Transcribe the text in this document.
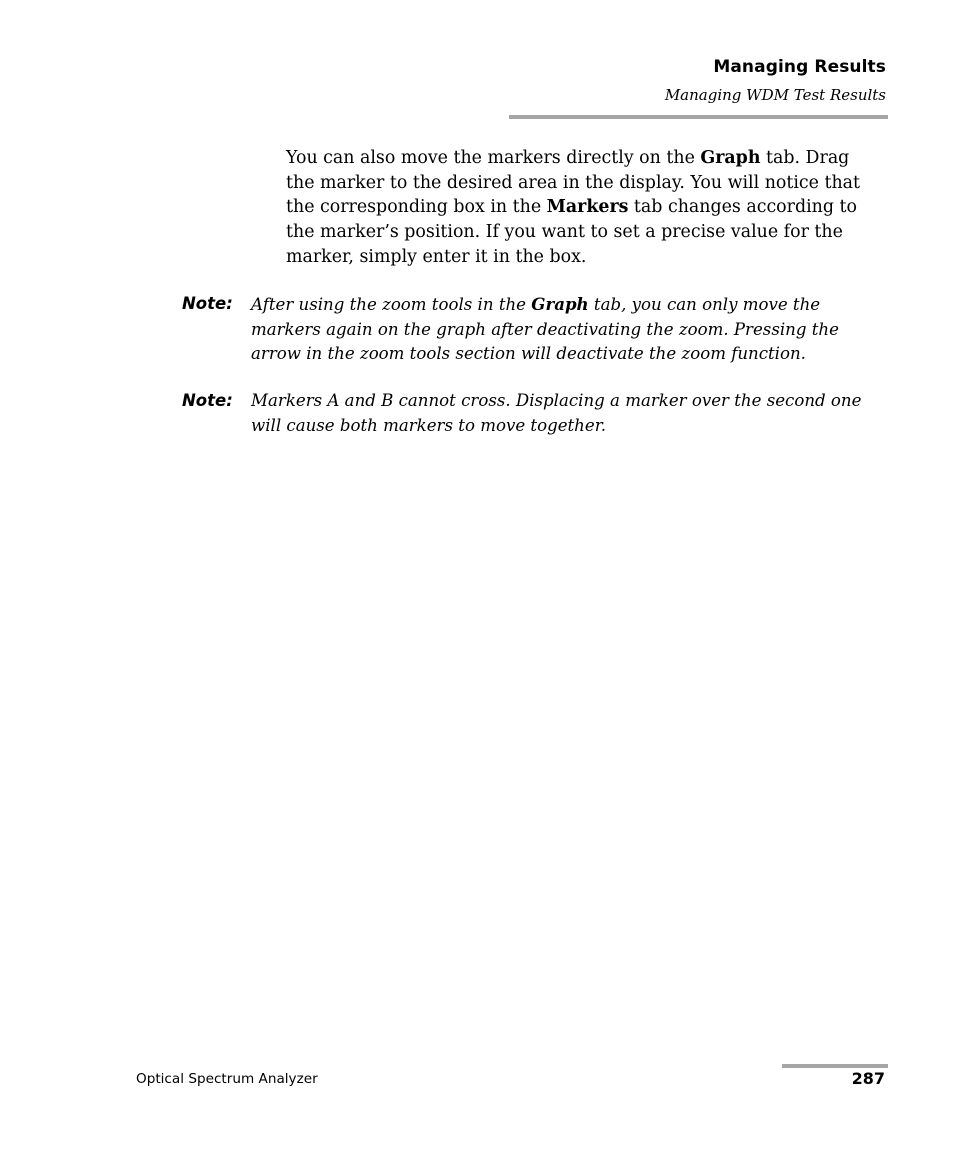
Managing Results
Managing WDM Test Results

You can also move the markers directly on the Graph tab. Drag the marker to the desired area in the display. You will notice that the corresponding box in the Markers tab changes according to the marker’s position. If you want to set a precise value for the marker, simply enter it in the box.

Note: After using the zoom tools in the Graph tab, you can only move the markers again on the graph after deactivating the zoom. Pressing the arrow in the zoom tools section will deactivate the zoom function.

Note: Markers A and B cannot cross. Displacing a marker over the second one will cause both markers to move together.

Optical Spectrum Analyzer	287
